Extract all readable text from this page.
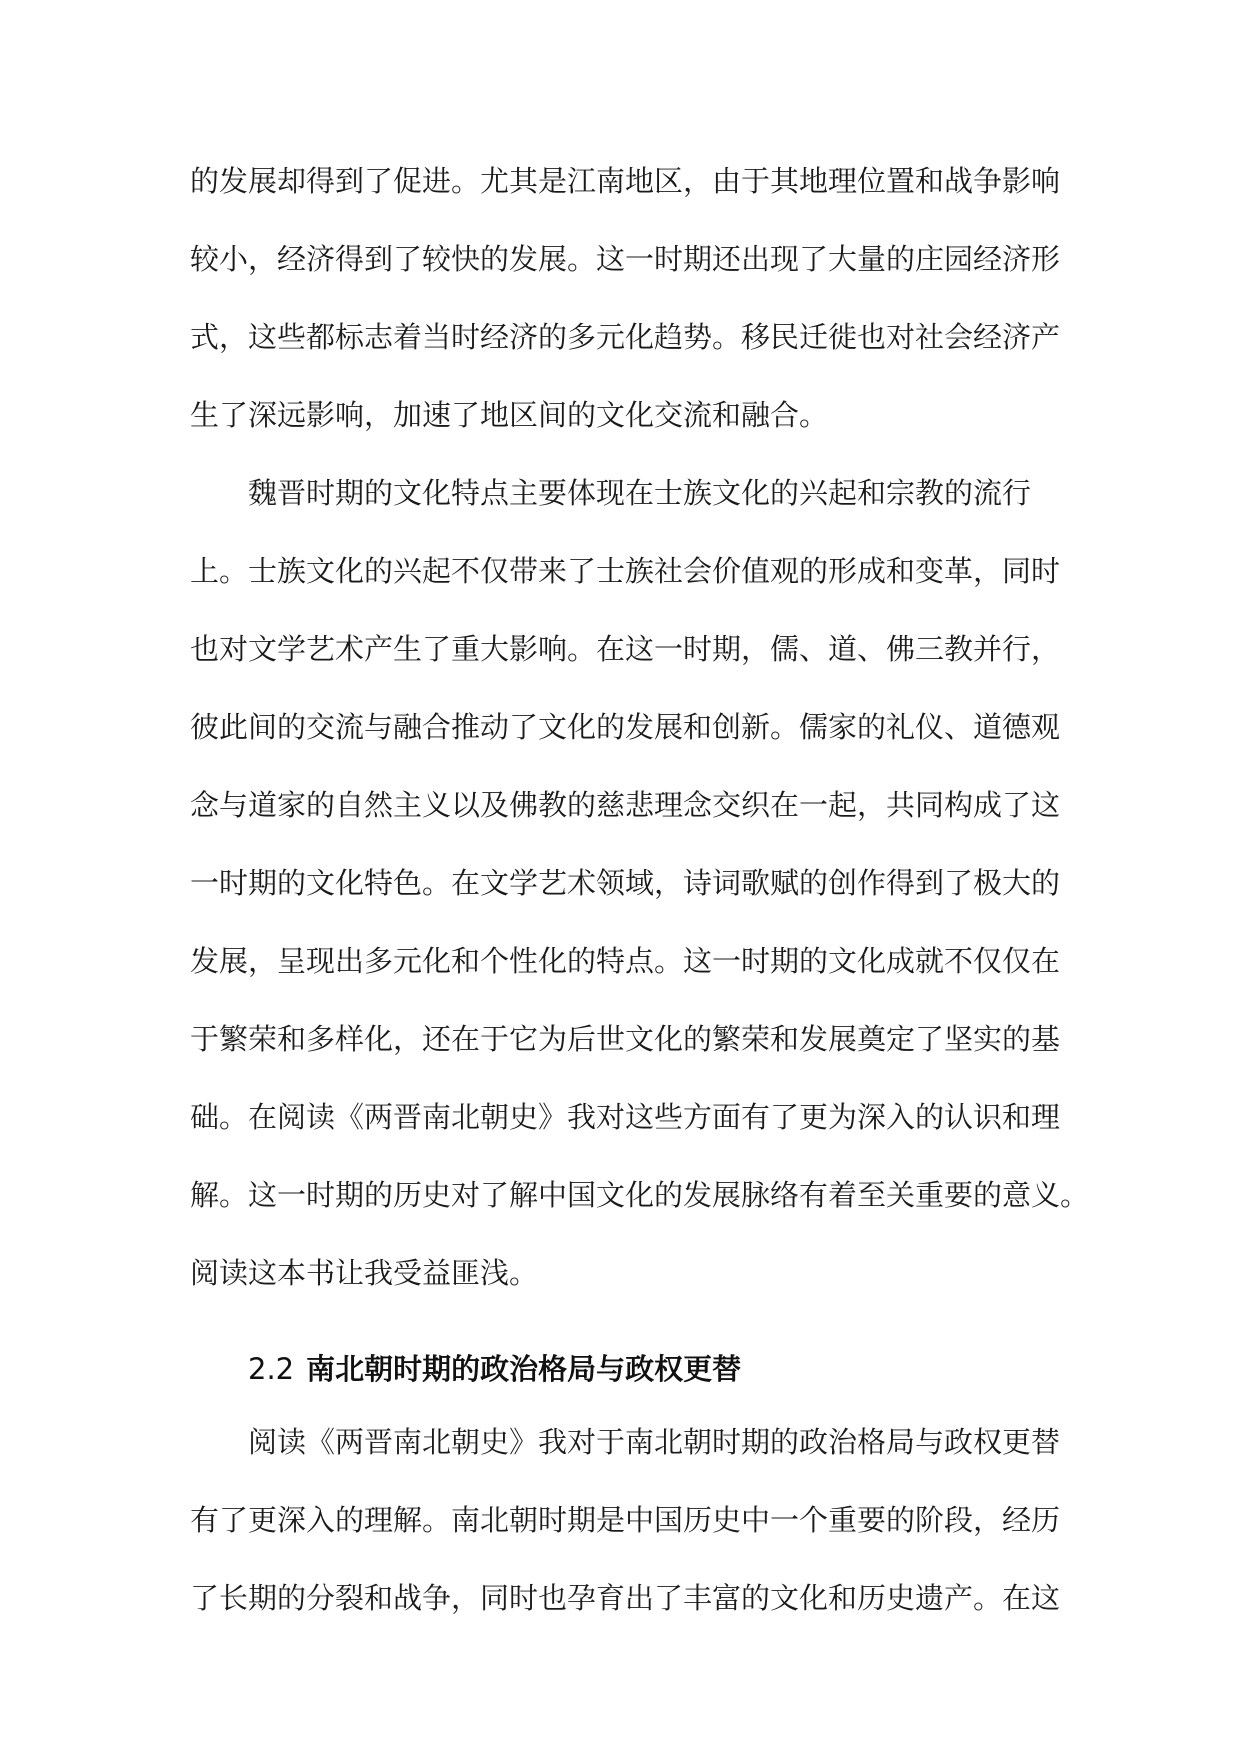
的发展却得到了促进。尤其是江南地区，由于其地理位置和战争影响
较小，经济得到了较快的发展。这一时期还出现了大量的庄园经济形
式，这些都标志着当时经济的多元化趋势。移民迁徙也对社会经济产
生了深远影响，加速了地区间的文化交流和融合。
魏晋时期的文化特点主要体现在士族文化的兴起和宗教的流行
上。士族文化的兴起不仅带来了士族社会价值观的形成和变革，同时
也对文学艺术产生了重大影响。在这一时期，儒、道、佛三教并行，
彼此间的交流与融合推动了文化的发展和创新。儒家的礼仪、道德观
念与道家的自然主义以及佛教的慈悲理念交织在一起，共同构成了这
一时期的文化特色。在文学艺术领域，诗词歌赋的创作得到了极大的
发展，呈现出多元化和个性化的特点。这一时期的文化成就不仅仅在
于繁荣和多样化，还在于它为后世文化的繁荣和发展奠定了坚实的基
础。在阅读《两晋南北朝史》我对这些方面有了更为深入的认识和理
解。这一时期的历史对了解中国文化的发展脉络有着至关重要的意义。
阅读这本书让我受益匪浅。
2.2 南北朝时期的政治格局与政权更替
阅读《两晋南北朝史》我对于南北朝时期的政治格局与政权更替
有了更深入的理解。南北朝时期是中国历史中一个重要的阶段，经历
了长期的分裂和战争，同时也孕育出了丰富的文化和历史遗产。在这
